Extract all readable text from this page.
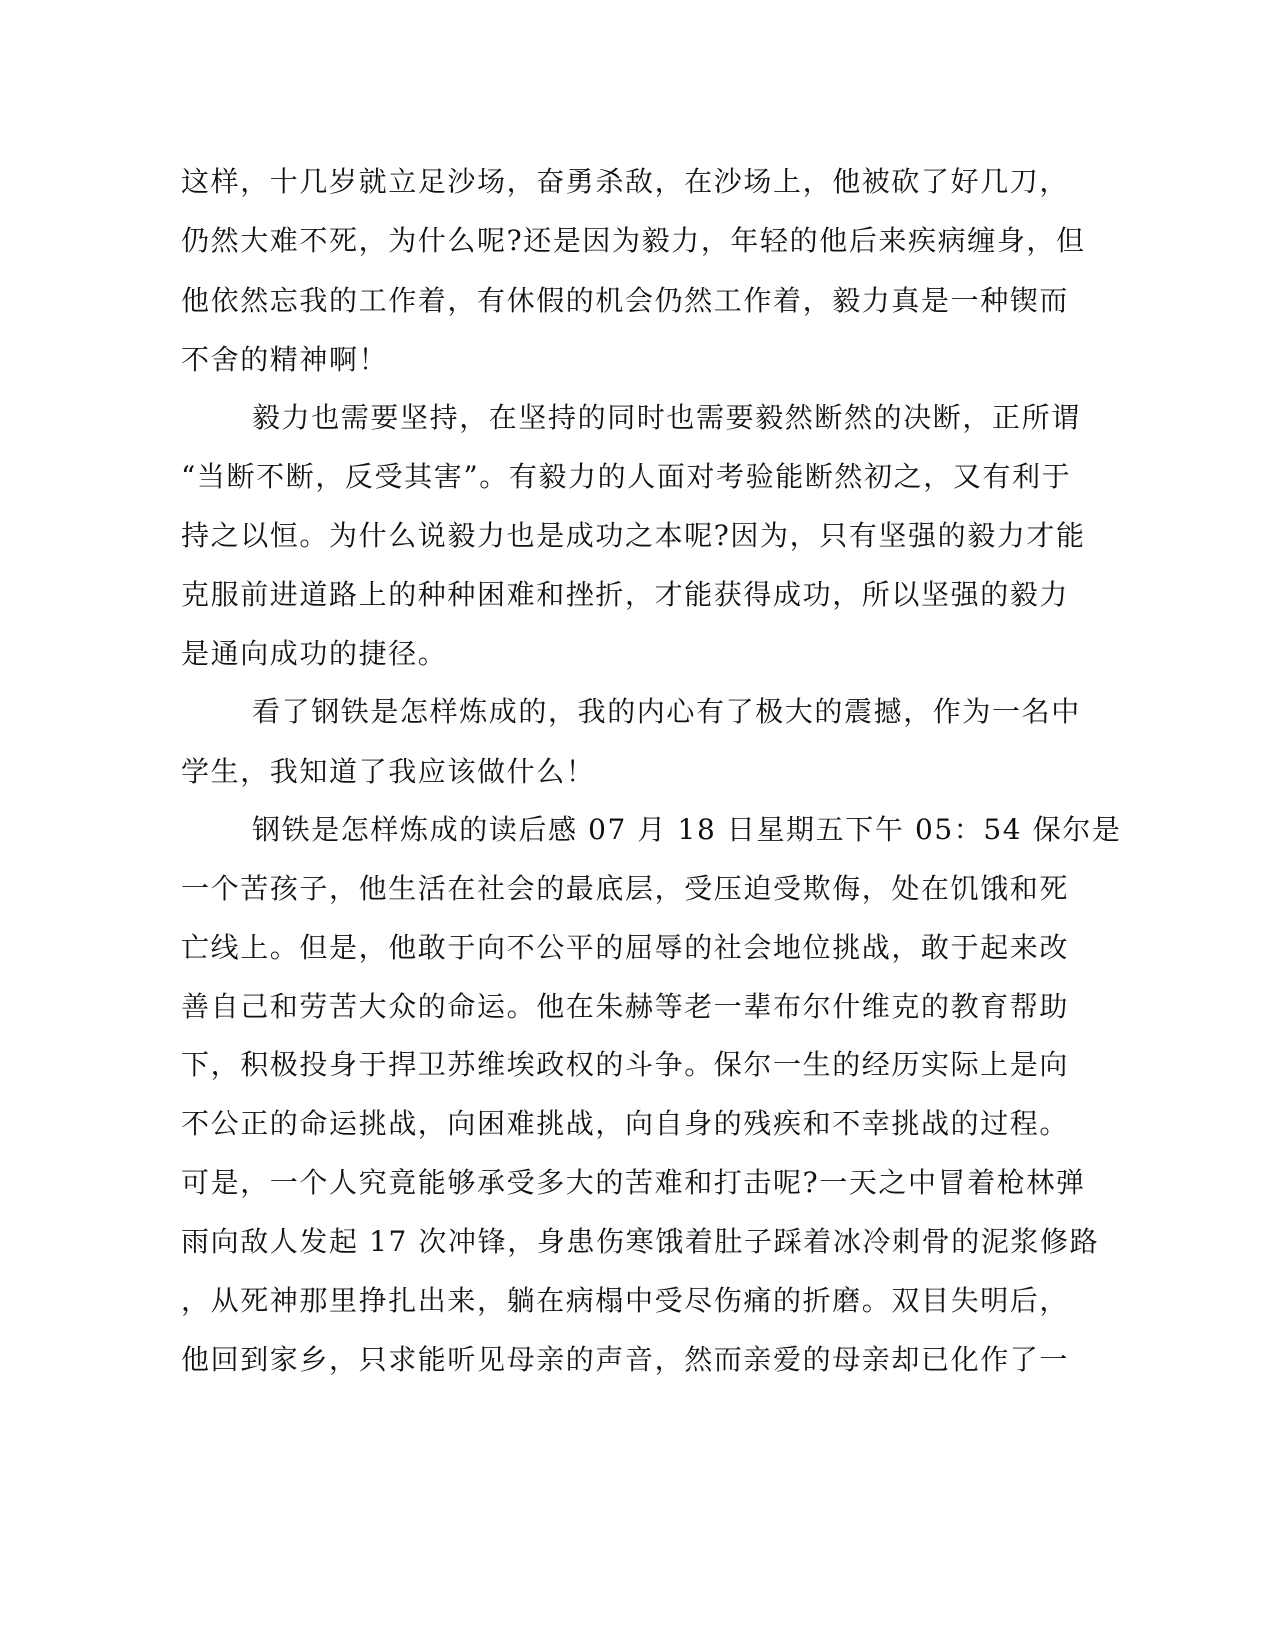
这样，十几岁就立足沙场，奋勇杀敌，在沙场上，他被砍了好几刀，
仍然大难不死，为什么呢?还是因为毅力，年轻的他后来疾病缠身，但
他依然忘我的工作着，有休假的机会仍然工作着，毅力真是一种锲而
不舍的精神啊！
毅力也需要坚持，在坚持的同时也需要毅然断然的决断，正所谓
“当断不断，反受其害”。有毅力的人面对考验能断然初之，又有利于
持之以恒。为什么说毅力也是成功之本呢?因为，只有坚强的毅力才能
克服前进道路上的种种困难和挫折，才能获得成功，所以坚强的毅力
是通向成功的捷径。
看了钢铁是怎样炼成的，我的内心有了极大的震撼，作为一名中
学生，我知道了我应该做什么！
钢铁是怎样炼成的读后感 07 月 18 日星期五下午 05：54 保尔是
一个苦孩子，他生活在社会的最底层，受压迫受欺侮，处在饥饿和死
亡线上。但是，他敢于向不公平的屈辱的社会地位挑战，敢于起来改
善自己和劳苦大众的命运。他在朱赫等老一辈布尔什维克的教育帮助
下，积极投身于捍卫苏维埃政权的斗争。保尔一生的经历实际上是向
不公正的命运挑战，向困难挑战，向自身的残疾和不幸挑战的过程。
可是，一个人究竟能够承受多大的苦难和打击呢?一天之中冒着枪林弹
雨向敌人发起 17 次冲锋，身患伤寒饿着肚子踩着冰冷刺骨的泥浆修路
，从死神那里挣扎出来，躺在病榻中受尽伤痛的折磨。双目失明后，
他回到家乡，只求能听见母亲的声音，然而亲爱的母亲却已化作了一
